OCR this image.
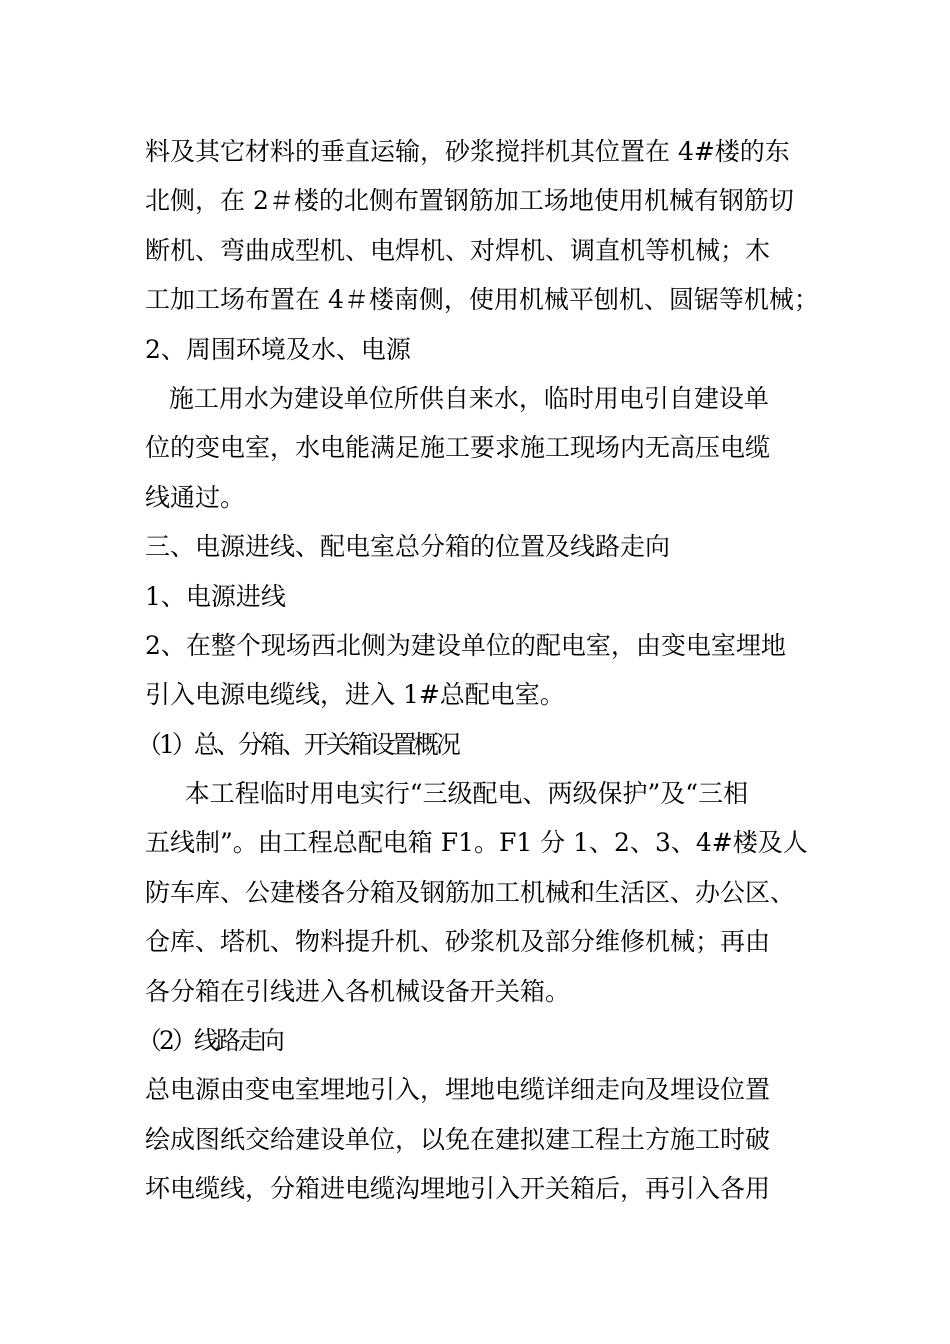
料及其它材料的垂直运输，砂浆搅拌机其位置在 4#楼的东
北侧，在 2＃楼的北侧布置钢筋加工场地使用机械有钢筋切
断机、弯曲成型机、电焊机、对焊机、调直机等机械；木
工加工场布置在 4＃楼南侧，使用机械平刨机、圆锯等机械；
2、周围环境及水、电源
施工用水为建设单位所供自来水，临时用电引自建设单
位的变电室，水电能满足施工要求施工现场内无高压电缆
线通过。
三、电源进线、配电室总分箱的位置及线路走向
1、电源进线
2、在整个现场西北侧为建设单位的配电室，由变电室埋地
引入电源电缆线，进入 1#总配电室。
（1）总、分箱、开关箱设置概况
本工程临时用电实行“三级配电、两级保护”及“三相
五线制”。由工程总配电箱 F1。F1 分 1、2、3、4#楼及人
防车库、公建楼各分箱及钢筋加工机械和生活区、办公区、
仓库、塔机、物料提升机、砂浆机及部分维修机械；再由
各分箱在引线进入各机械设备开关箱。
（2）线路走向
总电源由变电室埋地引入，埋地电缆详细走向及埋设位置
绘成图纸交给建设单位，以免在建拟建工程土方施工时破
坏电缆线，分箱进电缆沟埋地引入开关箱后，再引入各用
